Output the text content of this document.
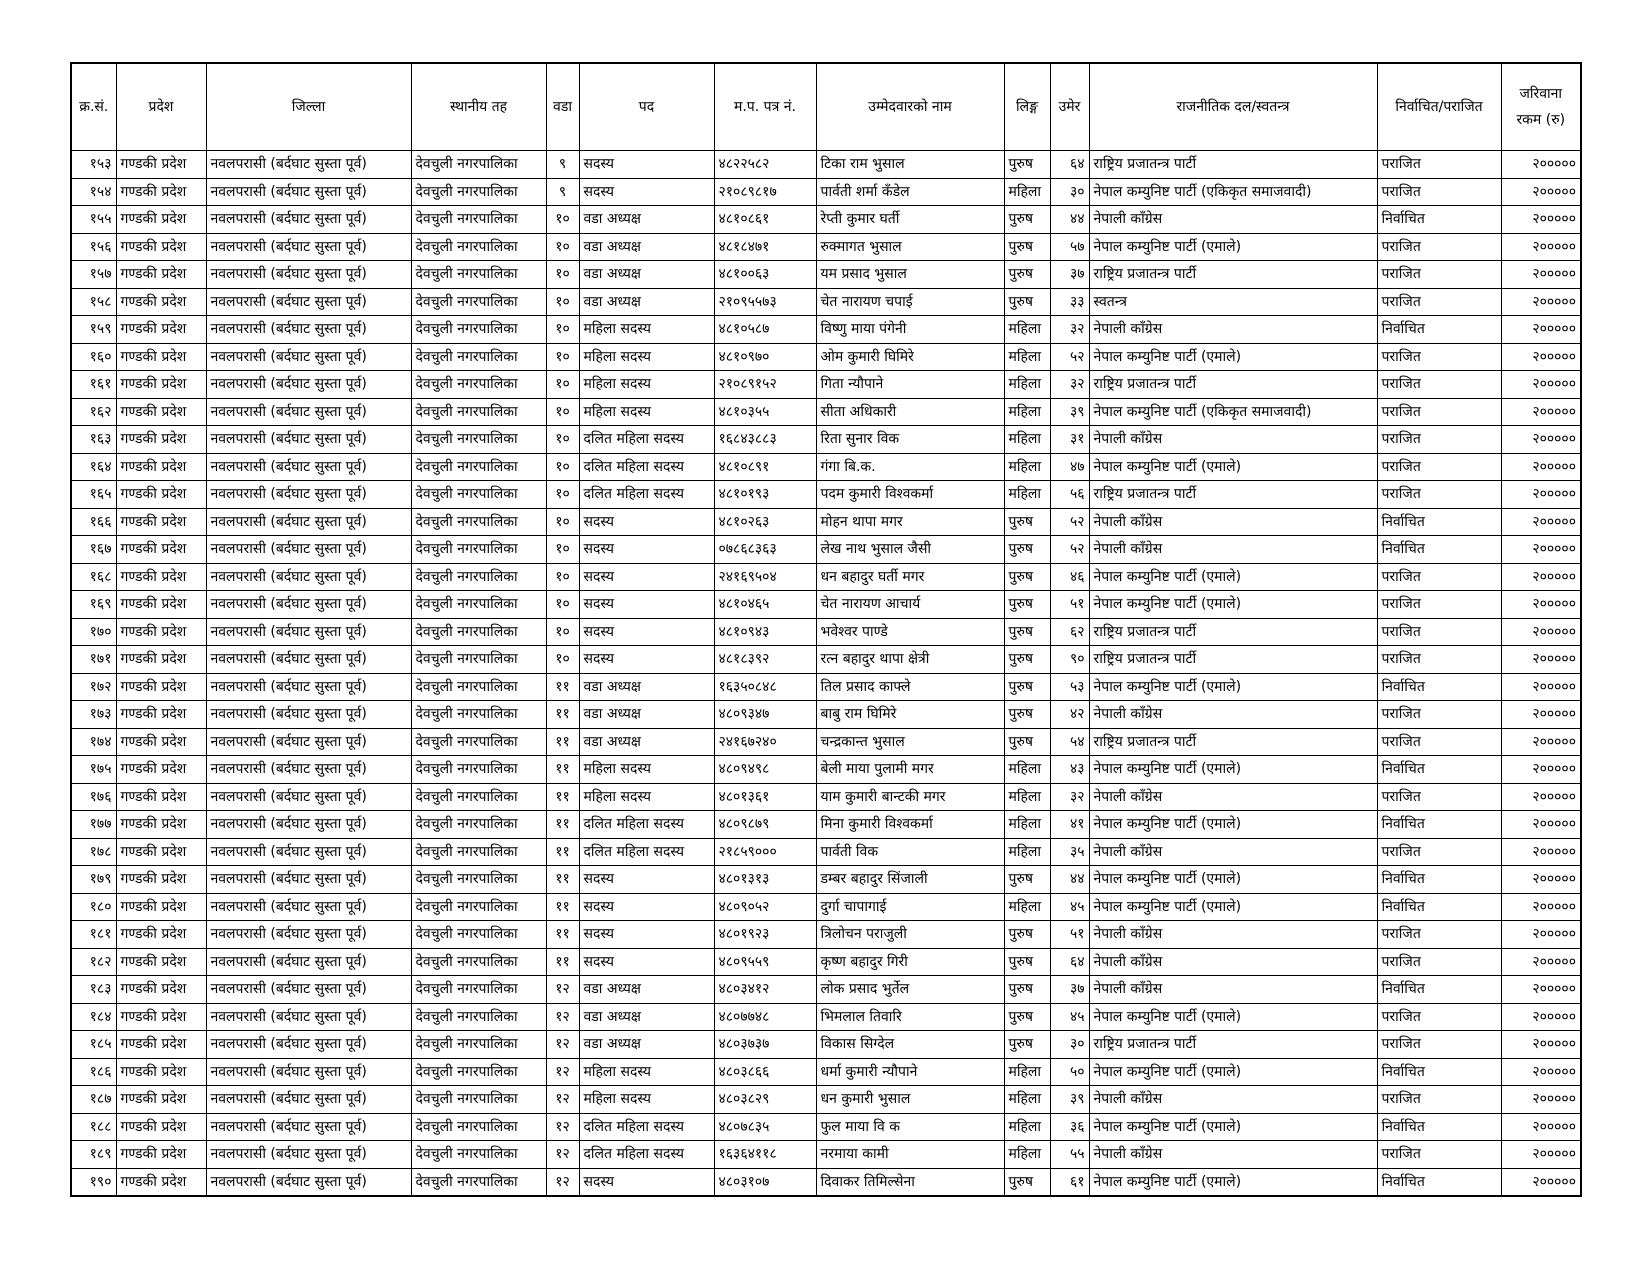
क्र.सं.	प्रदेश	जिल्ला	स्थानीय तह	वडा	पद	म.प. पत्र नं.	उम्मेदवारको नाम	लिङ्ग	उमेर	राजनीतिक दल/स्वतन्त्र	निर्वाचित/पराजित	जरिवाना रकम (रु)
१५३	गण्डकी प्रदेश	नवलपरासी (बर्दघाट सुस्ता पूर्व)	देवचुली नगरपालिका	९	सदस्य	४८२२५८२	टिका राम भुसाल	पुरुष	६४	राष्ट्रिय प्रजातन्त्र पार्टी	पराजित	२०००००
१५४	गण्डकी प्रदेश	नवलपरासी (बर्दघाट सुस्ता पूर्व)	देवचुली नगरपालिका	९	सदस्य	२१०८९८१७	पार्वती शर्मा कँडेल	महिला	३०	नेपाल कम्युनिष्ट पार्टी (एकिकृत समाजवादी)	पराजित	२०००००
१५५	गण्डकी प्रदेश	नवलपरासी (बर्दघाट सुस्ता पूर्व)	देवचुली नगरपालिका	१०	वडा अध्यक्ष	४८१०८६१	रेप्ती कुमार घर्ती	पुरुष	४४	नेपाली काँग्रेस	निर्वाचित	२०००००
१५६	गण्डकी प्रदेश	नवलपरासी (बर्दघाट सुस्ता पूर्व)	देवचुली नगरपालिका	१०	वडा अध्यक्ष	४८१८४७१	रुक्मागत भुसाल	पुरुष	५७	नेपाल कम्युनिष्ट पार्टी (एमाले)	पराजित	२०००००
१५७	गण्डकी प्रदेश	नवलपरासी (बर्दघाट सुस्ता पूर्व)	देवचुली नगरपालिका	१०	वडा अध्यक्ष	४८१००६३	यम प्रसाद भुसाल	पुरुष	३७	राष्ट्रिय प्रजातन्त्र पार्टी	पराजित	२०००००
१५८	गण्डकी प्रदेश	नवलपरासी (बर्दघाट सुस्ता पूर्व)	देवचुली नगरपालिका	१०	वडा अध्यक्ष	२१०९५५७३	चेत नारायण चपाई	पुरुष	३३	स्वतन्त्र	पराजित	२०००००
१५९	गण्डकी प्रदेश	नवलपरासी (बर्दघाट सुस्ता पूर्व)	देवचुली नगरपालिका	१०	महिला सदस्य	४८१०५८७	विष्णु माया पंगेनी	महिला	३२	नेपाली काँग्रेस	निर्वाचित	२०००००
१६०	गण्डकी प्रदेश	नवलपरासी (बर्दघाट सुस्ता पूर्व)	देवचुली नगरपालिका	१०	महिला सदस्य	४८१०९७०	ओम कुमारी घिमिरे	महिला	५२	नेपाल कम्युनिष्ट पार्टी (एमाले)	पराजित	२०००००
१६१	गण्डकी प्रदेश	नवलपरासी (बर्दघाट सुस्ता पूर्व)	देवचुली नगरपालिका	१०	महिला सदस्य	२१०८९१५२	गिता न्यौपाने	महिला	३२	राष्ट्रिय प्रजातन्त्र पार्टी	पराजित	२०००००
१६२	गण्डकी प्रदेश	नवलपरासी (बर्दघाट सुस्ता पूर्व)	देवचुली नगरपालिका	१०	महिला सदस्य	४८१०३५५	सीता अधिकारी	महिला	३९	नेपाल कम्युनिष्ट पार्टी (एकिकृत समाजवादी)	पराजित	२०००००
१६३	गण्डकी प्रदेश	नवलपरासी (बर्दघाट सुस्ता पूर्व)	देवचुली नगरपालिका	१०	दलित महिला सदस्य	१६८४३८८३	रिता सुनार विक	महिला	३१	नेपाली काँग्रेस	पराजित	२०००००
१६४	गण्डकी प्रदेश	नवलपरासी (बर्दघाट सुस्ता पूर्व)	देवचुली नगरपालिका	१०	दलित महिला सदस्य	४८१०८९१	गंगा बि.क.	महिला	४७	नेपाल कम्युनिष्ट पार्टी (एमाले)	पराजित	२०००००
१६५	गण्डकी प्रदेश	नवलपरासी (बर्दघाट सुस्ता पूर्व)	देवचुली नगरपालिका	१०	दलित महिला सदस्य	४८१०१९३	पदम कुमारी विश्वकर्मा	महिला	५६	राष्ट्रिय प्रजातन्त्र पार्टी	पराजित	२०००००
१६६	गण्डकी प्रदेश	नवलपरासी (बर्दघाट सुस्ता पूर्व)	देवचुली नगरपालिका	१०	सदस्य	४८१०२६३	मोहन थापा मगर	पुरुष	५२	नेपाली काँग्रेस	निर्वाचित	२०००००
१६७	गण्डकी प्रदेश	नवलपरासी (बर्दघाट सुस्ता पूर्व)	देवचुली नगरपालिका	१०	सदस्य	०७८६८३६३	लेख नाथ भुसाल जैसी	पुरुष	५२	नेपाली काँग्रेस	निर्वाचित	२०००००
१६८	गण्डकी प्रदेश	नवलपरासी (बर्दघाट सुस्ता पूर्व)	देवचुली नगरपालिका	१०	सदस्य	२४१६९५०४	धन बहादुर घर्ती मगर	पुरुष	४६	नेपाल कम्युनिष्ट पार्टी (एमाले)	पराजित	२०००००
१६९	गण्डकी प्रदेश	नवलपरासी (बर्दघाट सुस्ता पूर्व)	देवचुली नगरपालिका	१०	सदस्य	४८१०४६५	चेत नारायण आचार्य	पुरुष	५१	नेपाल कम्युनिष्ट पार्टी (एमाले)	पराजित	२०००००
१७०	गण्डकी प्रदेश	नवलपरासी (बर्दघाट सुस्ता पूर्व)	देवचुली नगरपालिका	१०	सदस्य	४८१०९४३	भवेश्वर पाण्डे	पुरुष	६२	राष्ट्रिय प्रजातन्त्र पार्टी	पराजित	२०००००
१७१	गण्डकी प्रदेश	नवलपरासी (बर्दघाट सुस्ता पूर्व)	देवचुली नगरपालिका	१०	सदस्य	४८१८३९२	रत्न बहादुर थापा क्षेत्री	पुरुष	९०	राष्ट्रिय प्रजातन्त्र पार्टी	पराजित	२०००००
१७२	गण्डकी प्रदेश	नवलपरासी (बर्दघाट सुस्ता पूर्व)	देवचुली नगरपालिका	११	वडा अध्यक्ष	१६३५०८४८	तिल प्रसाद काफ्ले	पुरुष	५३	नेपाल कम्युनिष्ट पार्टी (एमाले)	निर्वाचित	२०००००
१७३	गण्डकी प्रदेश	नवलपरासी (बर्दघाट सुस्ता पूर्व)	देवचुली नगरपालिका	११	वडा अध्यक्ष	४८०९३४७	बाबु राम घिमिरे	पुरुष	४२	नेपाली काँग्रेस	पराजित	२०००००
१७४	गण्डकी प्रदेश	नवलपरासी (बर्दघाट सुस्ता पूर्व)	देवचुली नगरपालिका	११	वडा अध्यक्ष	२४१६७२४०	चन्द्रकान्त भुसाल	पुरुष	५४	राष्ट्रिय प्रजातन्त्र पार्टी	पराजित	२०००००
१७५	गण्डकी प्रदेश	नवलपरासी (बर्दघाट सुस्ता पूर्व)	देवचुली नगरपालिका	११	महिला सदस्य	४८०९४९८	बेली माया पुलामी मगर	महिला	४३	नेपाल कम्युनिष्ट पार्टी (एमाले)	निर्वाचित	२०००००
१७६	गण्डकी प्रदेश	नवलपरासी (बर्दघाट सुस्ता पूर्व)	देवचुली नगरपालिका	११	महिला सदस्य	४८०१३६१	याम कुमारी बान्टकी मगर	महिला	३२	नेपाली काँग्रेस	पराजित	२०००००
१७७	गण्डकी प्रदेश	नवलपरासी (बर्दघाट सुस्ता पूर्व)	देवचुली नगरपालिका	११	दलित महिला सदस्य	४८०९८७९	मिना कुमारी विश्वकर्मा	महिला	४१	नेपाल कम्युनिष्ट पार्टी (एमाले)	निर्वाचित	२०००००
१७८	गण्डकी प्रदेश	नवलपरासी (बर्दघाट सुस्ता पूर्व)	देवचुली नगरपालिका	११	दलित महिला सदस्य	२१८५९०००	पार्वती विक	महिला	३५	नेपाली काँग्रेस	पराजित	२०००००
१७९	गण्डकी प्रदेश	नवलपरासी (बर्दघाट सुस्ता पूर्व)	देवचुली नगरपालिका	११	सदस्य	४८०१३१३	डम्बर बहादुर सिंजाली	पुरुष	४४	नेपाल कम्युनिष्ट पार्टी (एमाले)	निर्वाचित	२०००००
१८०	गण्डकी प्रदेश	नवलपरासी (बर्दघाट सुस्ता पूर्व)	देवचुली नगरपालिका	११	सदस्य	४८०९०५२	दुर्गा चापागाई	महिला	४५	नेपाल कम्युनिष्ट पार्टी (एमाले)	निर्वाचित	२०००००
१८१	गण्डकी प्रदेश	नवलपरासी (बर्दघाट सुस्ता पूर्व)	देवचुली नगरपालिका	११	सदस्य	४८०१९२३	त्रिलोचन पराजुली	पुरुष	५१	नेपाली काँग्रेस	पराजित	२०००००
१८२	गण्डकी प्रदेश	नवलपरासी (बर्दघाट सुस्ता पूर्व)	देवचुली नगरपालिका	११	सदस्य	४८०९५५९	कृष्ण बहादुर गिरी	पुरुष	६४	नेपाली काँग्रेस	पराजित	२०००००
१८३	गण्डकी प्रदेश	नवलपरासी (बर्दघाट सुस्ता पूर्व)	देवचुली नगरपालिका	१२	वडा अध्यक्ष	४८०३४१२	लोक प्रसाद भुर्तेल	पुरुष	३७	नेपाली काँग्रेस	निर्वाचित	२०००००
१८४	गण्डकी प्रदेश	नवलपरासी (बर्दघाट सुस्ता पूर्व)	देवचुली नगरपालिका	१२	वडा अध्यक्ष	४८०७७४८	भिमलाल तिवारि	पुरुष	४५	नेपाल कम्युनिष्ट पार्टी (एमाले)	पराजित	२०००००
१८५	गण्डकी प्रदेश	नवलपरासी (बर्दघाट सुस्ता पूर्व)	देवचुली नगरपालिका	१२	वडा अध्यक्ष	४८०३७३७	विकास सिग्देल	पुरुष	३०	राष्ट्रिय प्रजातन्त्र पार्टी	पराजित	२०००००
१८६	गण्डकी प्रदेश	नवलपरासी (बर्दघाट सुस्ता पूर्व)	देवचुली नगरपालिका	१२	महिला सदस्य	४८०३८६६	धर्मा कुमारी न्यौपाने	महिला	५०	नेपाल कम्युनिष्ट पार्टी (एमाले)	निर्वाचित	२०००००
१८७	गण्डकी प्रदेश	नवलपरासी (बर्दघाट सुस्ता पूर्व)	देवचुली नगरपालिका	१२	महिला सदस्य	४८०३८२९	धन कुमारी भुसाल	महिला	३९	नेपाली काँग्रेस	पराजित	२०००००
१८८	गण्डकी प्रदेश	नवलपरासी (बर्दघाट सुस्ता पूर्व)	देवचुली नगरपालिका	१२	दलित महिला सदस्य	४८०७८३५	फुल माया वि क	महिला	३६	नेपाल कम्युनिष्ट पार्टी (एमाले)	निर्वाचित	२०००००
१८९	गण्डकी प्रदेश	नवलपरासी (बर्दघाट सुस्ता पूर्व)	देवचुली नगरपालिका	१२	दलित महिला सदस्य	१६३६४११८	नरमाया कामी	महिला	५५	नेपाली काँग्रेस	पराजित	२०००००
१९०	गण्डकी प्रदेश	नवलपरासी (बर्दघाट सुस्ता पूर्व)	देवचुली नगरपालिका	१२	सदस्य	४८०३१०७	दिवाकर तिमिल्सेना	पुरुष	६१	नेपाल कम्युनिष्ट पार्टी (एमाले)	निर्वाचित	२०००००
